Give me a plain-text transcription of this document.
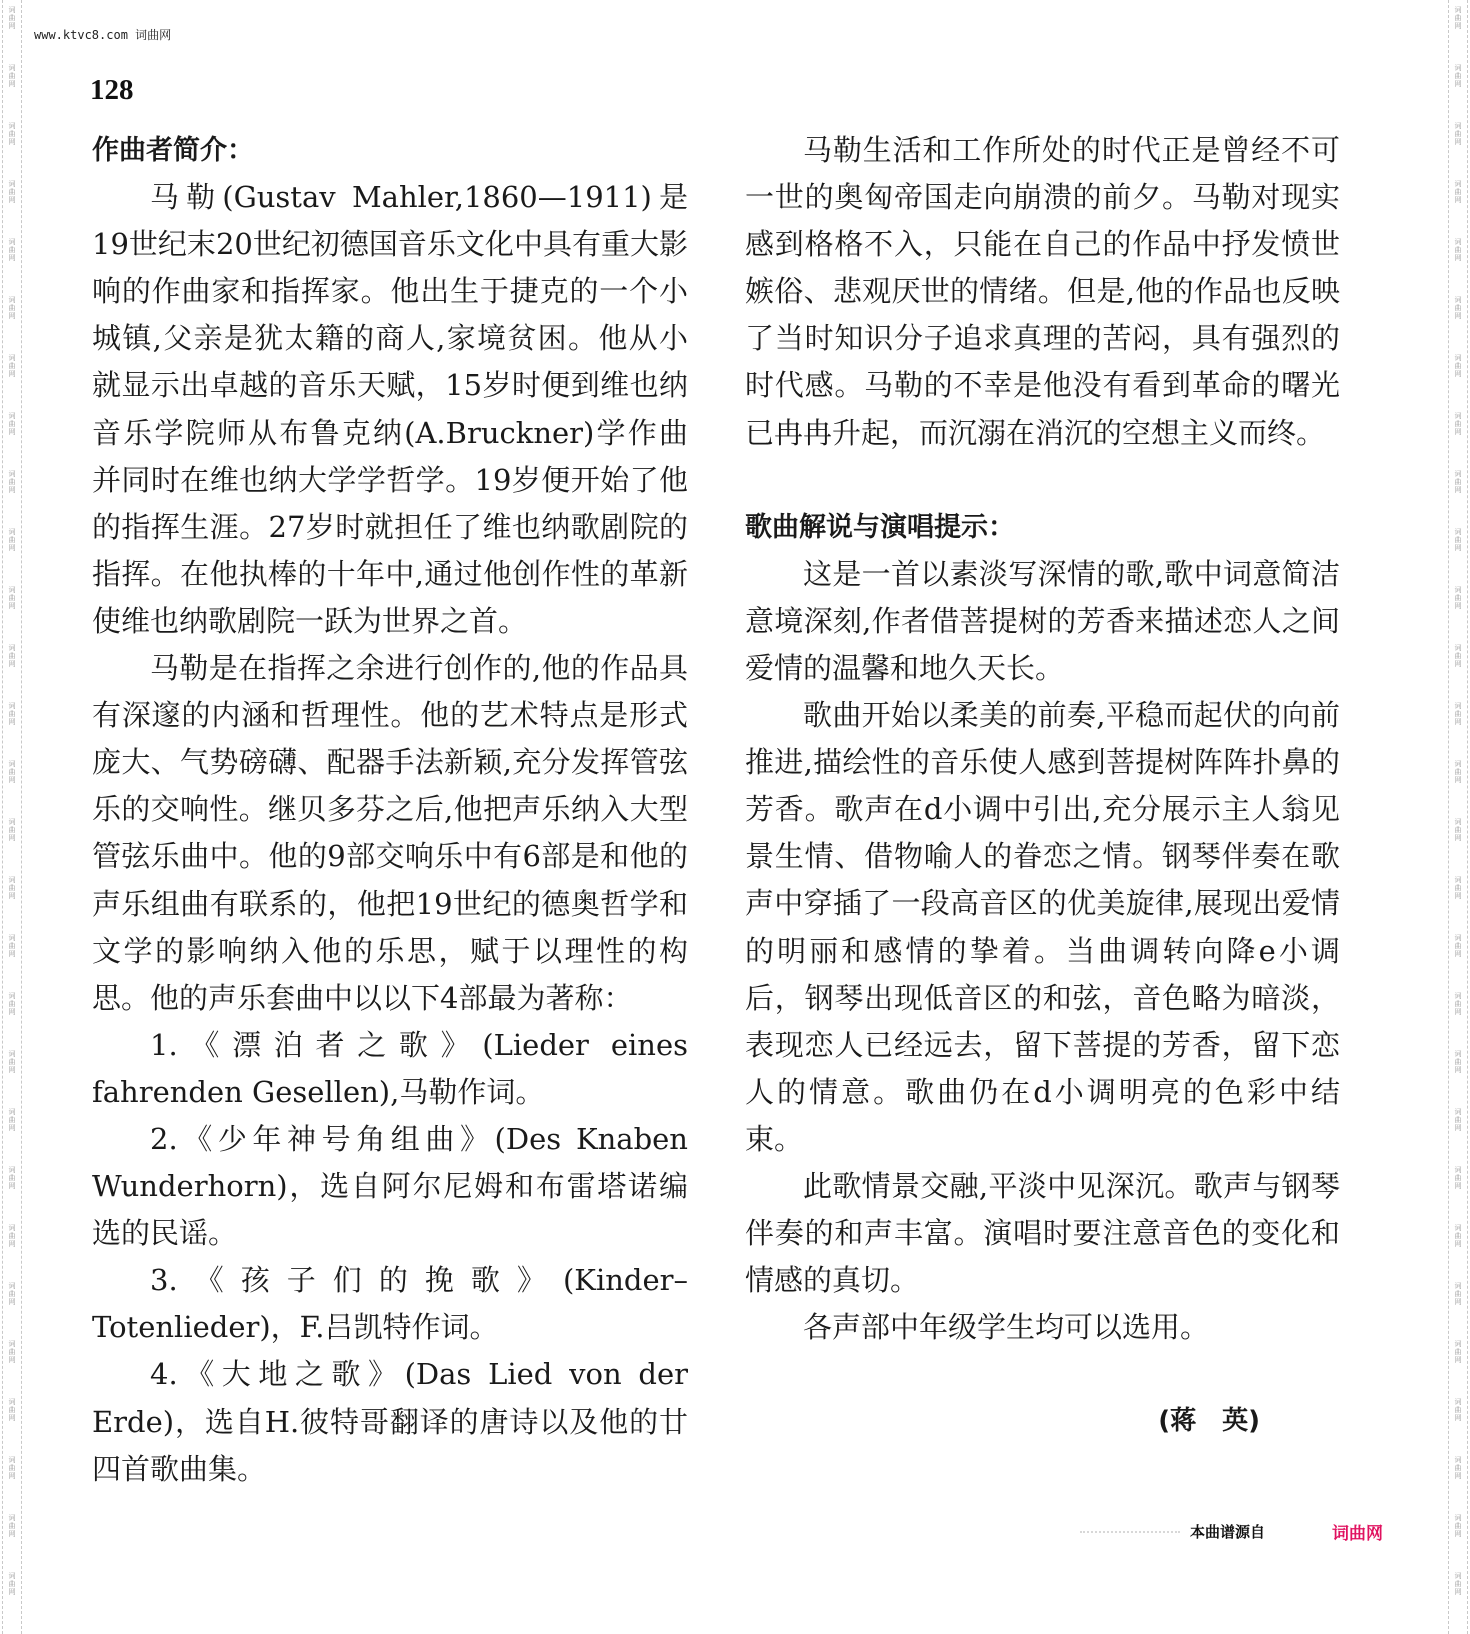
词曲网
词曲网
词曲网
词曲网
词曲网
词曲网
词曲网
词曲网
词曲网
词曲网
词曲网
词曲网
词曲网
词曲网
词曲网
词曲网
词曲网
词曲网
词曲网
词曲网
词曲网
词曲网
词曲网
词曲网
词曲网
词曲网
词曲网
词曲网
词曲网
词曲网
词曲网
词曲网
词曲网
词曲网
词曲网
词曲网
词曲网
词曲网
词曲网
词曲网
词曲网
词曲网
词曲网
词曲网
词曲网
词曲网
词曲网
词曲网
词曲网
词曲网
词曲网
词曲网
词曲网
词曲网
词曲网
词曲网
www.ktvc8.com 词曲网
128
作曲者简介：

马勒(Gustav Mahler,1860—1911)是19世纪末20世纪初德国音乐文化中具有重大影响的作曲家和指挥家。他出生于捷克的一个小城镇,父亲是犹太籍的商人,家境贫困。他从小就显示出卓越的音乐天赋，15岁时便到维也纳音乐学院师从布鲁克纳(A.Bruckner)学作曲并同时在维也纳大学学哲学。19岁便开始了他的指挥生涯。27岁时就担任了维也纳歌剧院的指挥。在他执棒的十年中,通过他创作性的革新使维也纳歌剧院一跃为世界之首。

马勒是在指挥之余进行创作的,他的作品具有深邃的内涵和哲理性。他的艺术特点是形式庞大、气势磅礴、配器手法新颖,充分发挥管弦乐的交响性。继贝多芬之后,他把声乐纳入大型管弦乐曲中。他的9部交响乐中有6部是和他的声乐组曲有联系的，他把19世纪的德奥哲学和文学的影响纳入他的乐思，赋于以理性的构思。他的声乐套曲中以以下4部最为著称：

1.《漂泊者之歌》(Lieder eines fahrenden Gesellen),马勒作词。

2.《少年神号角组曲》(Des Knaben Wunderhorn)，选自阿尔尼姆和布雷塔诺编选的民谣。

3.《孩子们的挽歌》(Kinder–Totenlieder)，F.吕凯特作词。

4.《大地之歌》(Das Lied von der Erde)，选自H.彼特哥翻译的唐诗以及他的廿四首歌曲集。

马勒生活和工作所处的时代正是曾经不可一世的奥匈帝国走向崩溃的前夕。马勒对现实感到格格不入，只能在自己的作品中抒发愤世嫉俗、悲观厌世的情绪。但是,他的作品也反映了当时知识分子追求真理的苦闷，具有强烈的时代感。马勒的不幸是他没有看到革命的曙光已冉冉升起，而沉溺在消沉的空想主义而终。

歌曲解说与演唱提示：

这是一首以素淡写深情的歌,歌中词意简洁意境深刻,作者借菩提树的芳香来描述恋人之间爱情的温馨和地久天长。

歌曲开始以柔美的前奏,平稳而起伏的向前推进,描绘性的音乐使人感到菩提树阵阵扑鼻的芳香。歌声在d小调中引出,充分展示主人翁见景生情、借物喻人的眷恋之情。钢琴伴奏在歌声中穿插了一段高音区的优美旋律,展现出爱情的明丽和感情的挚着。当曲调转向降e小调后，钢琴出现低音区的和弦，音色略为暗淡，表现恋人已经远去，留下菩提的芳香，留下恋人的情意。歌曲仍在d小调明亮的色彩中结束。

此歌情景交融,平淡中见深沉。歌声与钢琴伴奏的和声丰富。演唱时要注意音色的变化和情感的真切。

各声部中年级学生均可以选用。

(蒋　英)

本曲谱源自	词曲网
